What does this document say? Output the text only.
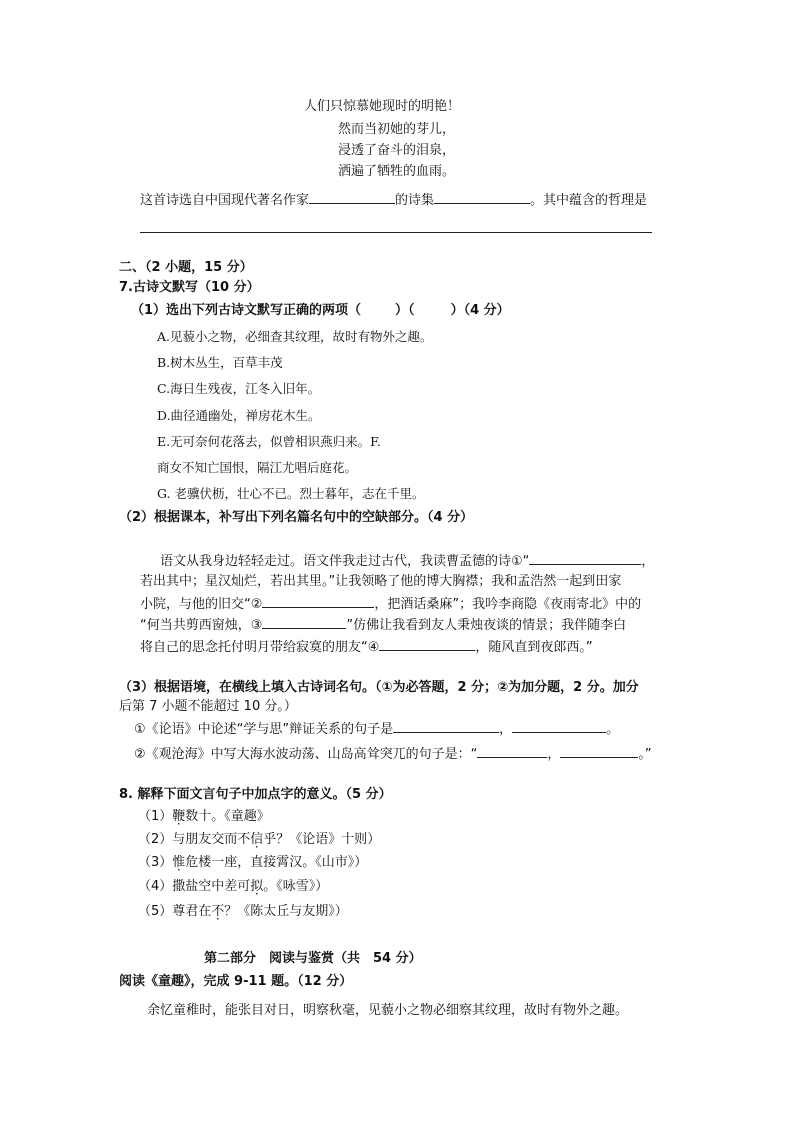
人们只惊慕她现时的明艳！
然而当初她的芽儿，
浸透了奋斗的泪泉，
洒遍了牺牲的血雨。
这首诗选自中国现代著名作家	的诗集	。其中蕴含的哲理是
二、（2 小题，15 分）
7.古诗文默写（10 分）
（1）选出下列古诗文默写正确的两项（	）（	）（4 分）
A.见藐小之物，必细查其纹理，故时有物外之趣。
B.树木丛生，百草丰茂
C.海日生残夜，江冬入旧年。
D.曲径通幽处，禅房花木生。
E.无可奈何花落去，似曾相识燕归来。F.
商女不知亡国恨，隔江尤唱后庭花。
G. 老骥伏枥，壮心不已。烈士暮年，志在千里。
（2）根据课本，补写出下列名篇名句中的空缺部分。（4 分）
语文从我身边轻轻走过。语文伴我走过古代，我读曹孟德的诗①“	，
若出其中；星汉灿烂，若出其里。”让我领略了他的博大胸襟；我和孟浩然一起到田家
小院，与他的旧交“②	，把酒话桑麻”；我吟李商隐《夜雨寄北》中的
“何当共剪西窗烛，③	”仿佛让我看到友人秉烛夜谈的情景；我伴随李白
将自己的思念托付明月带给寂寞的朋友“④	，随风直到夜郎西。”
（3）根据语境，在横线上填入古诗词名句。（①为必答题，2 分；②为加分题，2 分。加分
后第 7 小题不能超过 10 分。）
①《论语》中论述“学与思”辩证关系的句子是	，	。
②《观沧海》中写大海水波动荡、山岛高耸突兀的句子是：“	，	。”
8. 解释下面文言句子中加点字的意义。（5 分）
（1）鞭数十。《童趣》
（2）与朋友交而不信乎？《论语》十则）
（3）惟危楼一座，直接霄汉。《山市》）
（4）撒盐空中差可拟。《咏雪》）
（5）尊君在不？《陈太丘与友期》）
第二部分　阅读与鉴赏（共　54 分）
阅读《童趣》，完成 9-11 题。（12 分）
余忆童稚时，能张目对日，明察秋毫，见藐小之物必细察其纹理，故时有物外之趣。
